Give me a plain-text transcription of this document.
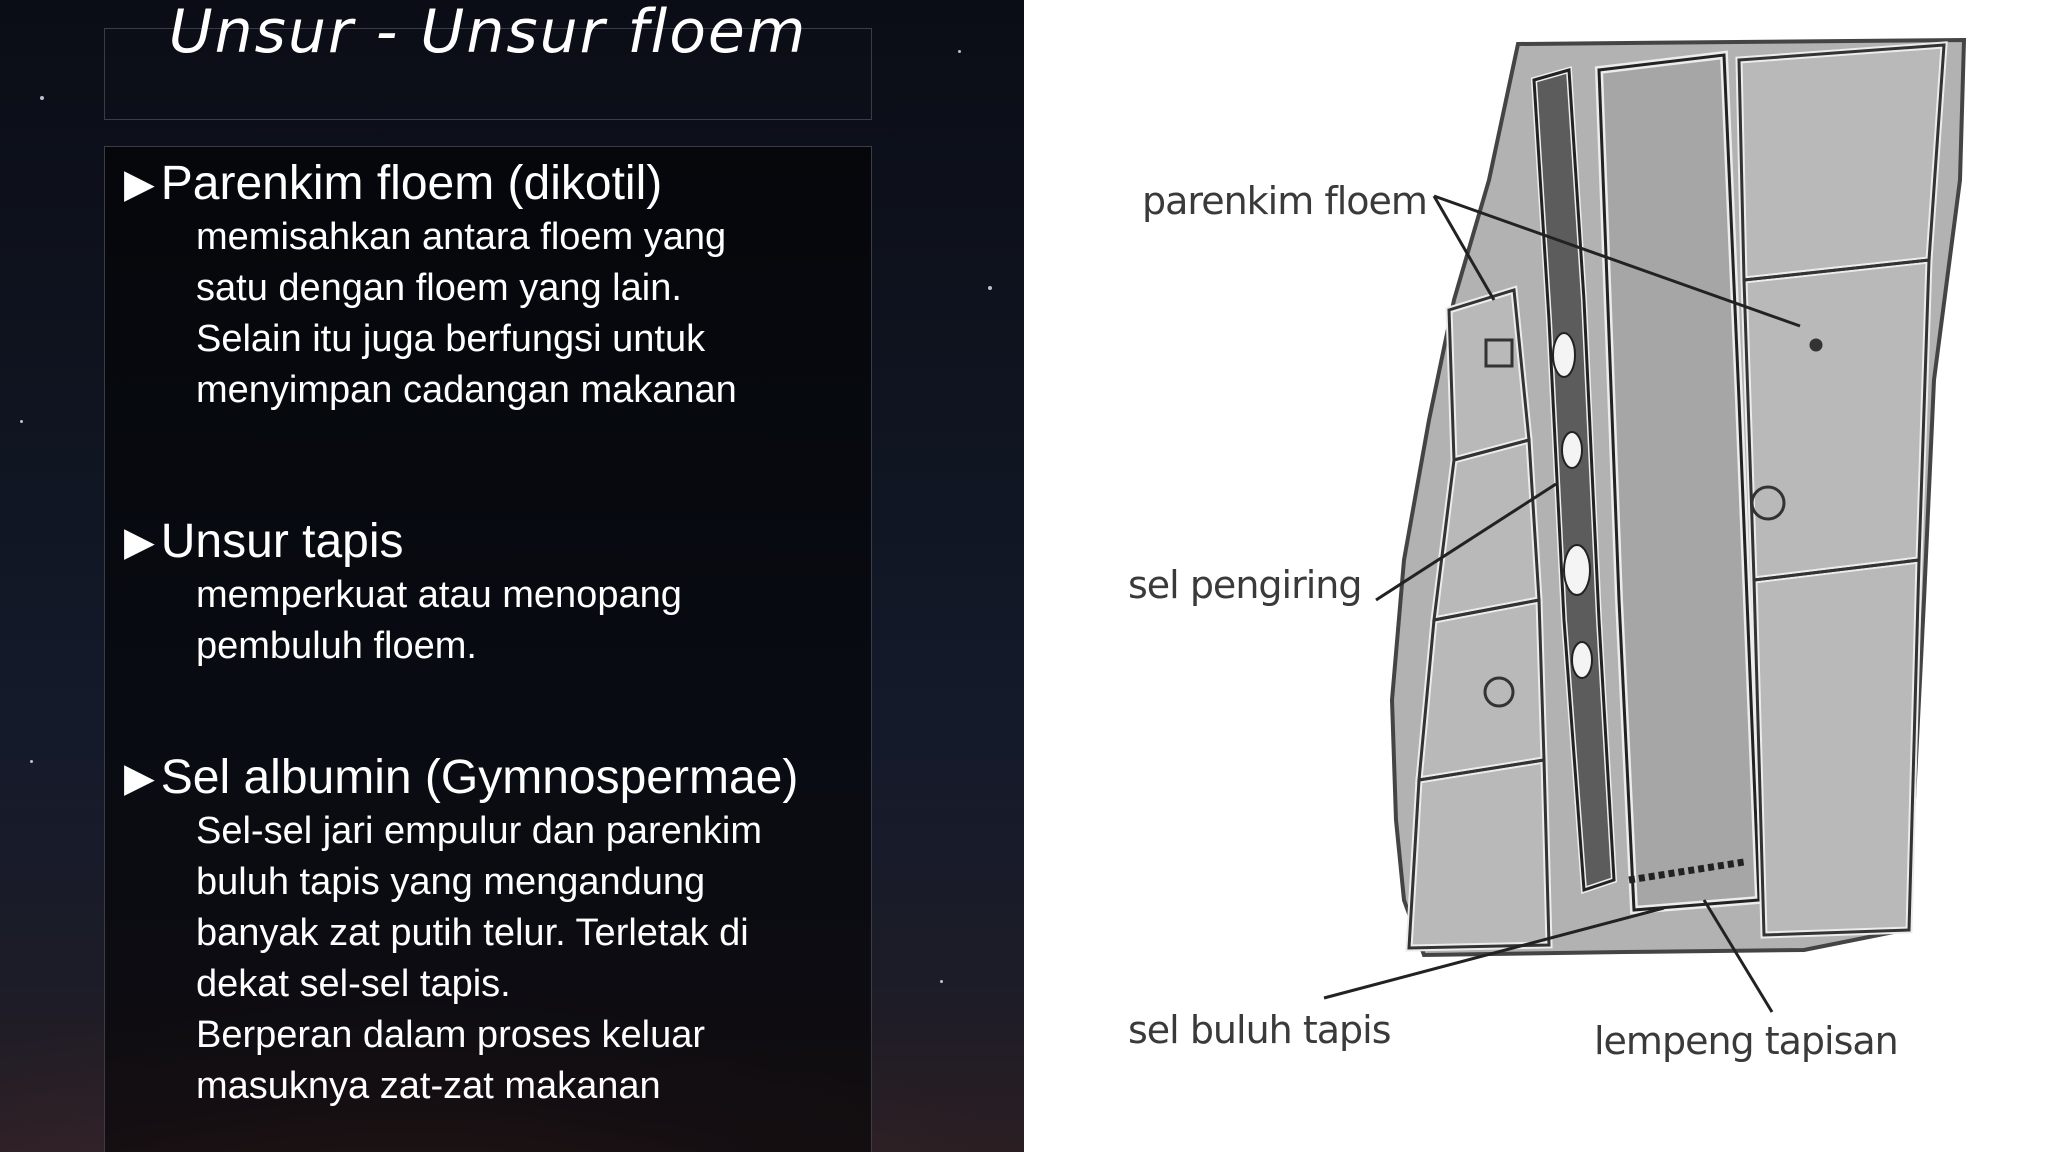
Unsur - Unsur floem
▶ Parenkim floem (dikotil)
memisahkan antara floem yang
satu dengan floem yang lain.
Selain itu juga berfungsi untuk
menyimpan cadangan makanan
▶ Unsur tapis
memperkuat atau menopang
pembuluh floem.
▶ Sel albumin (Gymnospermae)
Sel-sel jari empulur dan parenkim
buluh tapis yang mengandung
banyak zat putih telur. Terletak di
dekat sel-sel tapis.
Berperan dalam proses keluar
masuknya zat-zat makanan
parenkim floem
sel pengiring
sel buluh tapis	lempeng tapisan
